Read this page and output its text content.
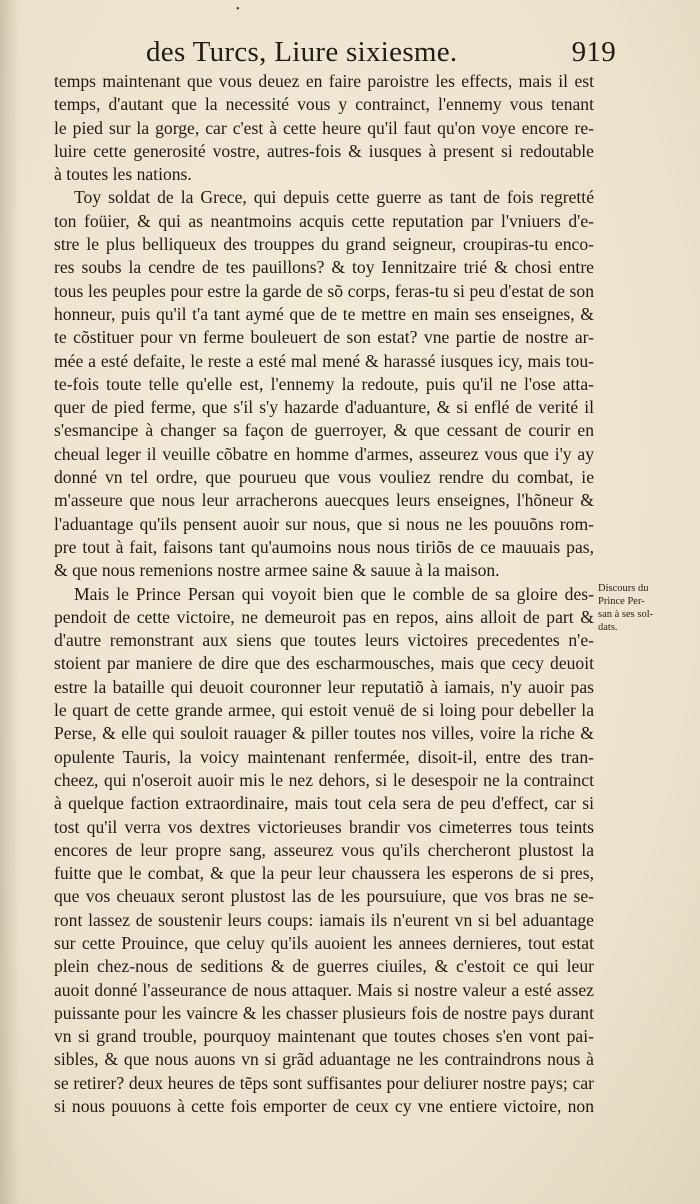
•
des Turcs, Liure sixiesme.	919
temps maintenant que vous deuez en faire paroistre les effects, mais il est
temps, d'autant que la necessité vous y contrainct, l'ennemy vous tenant
le pied sur la gorge, car c'est à cette heure qu'il faut qu'on voye encore re-
luire cette generosité vostre, autres-fois & iusques à present si redoutable
à toutes les nations.
Toy soldat de la Grece, qui depuis cette guerre as tant de fois regretté
ton foüier, & qui as neantmoins acquis cette reputation par l'vniuers d'e-
stre le plus belliqueux des trouppes du grand seigneur, croupiras-tu enco-
res soubs la cendre de tes pauillons? & toy Iennitzaire trié & chosi entre
tous les peuples pour estre la garde de sõ corps, feras-tu si peu d'estat de son
honneur, puis qu'il t'a tant aymé que de te mettre en main ses enseignes, &
te cõstituer pour vn ferme bouleuert de son estat? vne partie de nostre ar-
mée a esté defaite, le reste a esté mal mené & harassé iusques icy, mais tou-
te-fois toute telle qu'elle est, l'ennemy la redoute, puis qu'il ne l'ose atta-
quer de pied ferme, que s'il s'y hazarde d'aduanture, & si enflé de verité il
s'esmancipe à changer sa façon de guerroyer, & que cessant de courir en
cheual leger il veuille cõbatre en homme d'armes, asseurez vous que i'y ay
donné vn tel ordre, que pourueu que vous vouliez rendre du combat, ie
m'asseure que nous leur arracherons auecques leurs enseignes, l'hõneur &
l'aduantage qu'ils pensent auoir sur nous, que si nous ne les pouuõns rom-
pre tout à fait, faisons tant qu'aumoins nous nous tiriõs de ce mauuais pas,
& que nous remenions nostre armee saine & sauue à la maison.
Mais le Prince Persan qui voyoit bien que le comble de sa gloire des-
pendoit de cette victoire, ne demeuroit pas en repos, ains alloit de part &
d'autre remonstrant aux siens que toutes leurs victoires precedentes n'e-
stoient par maniere de dire que des escharmousches, mais que cecy deuoit
estre la bataille qui deuoit couronner leur reputatiõ à iamais, n'y auoir pas
le quart de cette grande armee, qui estoit venuë de si loing pour debeller la
Perse, & elle qui souloit rauager & piller toutes nos villes, voire la riche &
opulente Tauris, la voicy maintenant renfermée, disoit-il, entre des tran-
cheez, qui n'oseroit auoir mis le nez dehors, si le desespoir ne la contrainct
à quelque faction extraordinaire, mais tout cela sera de peu d'effect, car si
tost qu'il verra vos dextres victorieuses brandir vos cimeterres tous teints
encores de leur propre sang, asseurez vous qu'ils chercheront plustost la
fuitte que le combat, & que la peur leur chaussera les esperons de si pres,
que vos cheuaux seront plustost las de les poursuiure, que vos bras ne se-
ront lassez de soustenir leurs coups: iamais ils n'eurent vn si bel aduantage
sur cette Prouince, que celuy qu'ils auoient les annees dernieres, tout estat
plein chez-nous de seditions & de guerres ciuiles, & c'estoit ce qui leur
auoit donné l'asseurance de nous attaquer. Mais si nostre valeur a esté assez
puissante pour les vaincre & les chasser plusieurs fois de nostre pays durant
vn si grand trouble, pourquoy maintenant que toutes choses s'en vont pai-
sibles, & que nous auons vn si grãd aduantage ne les contraindrons nous à
se retirer? deux heures de tẽps sont suffisantes pour deliurer nostre pays; car
si nous pouuons à cette fois emporter de ceux cy vne entiere victoire, non
Discours du
Prince Per-
san à ses sol-
dats.
